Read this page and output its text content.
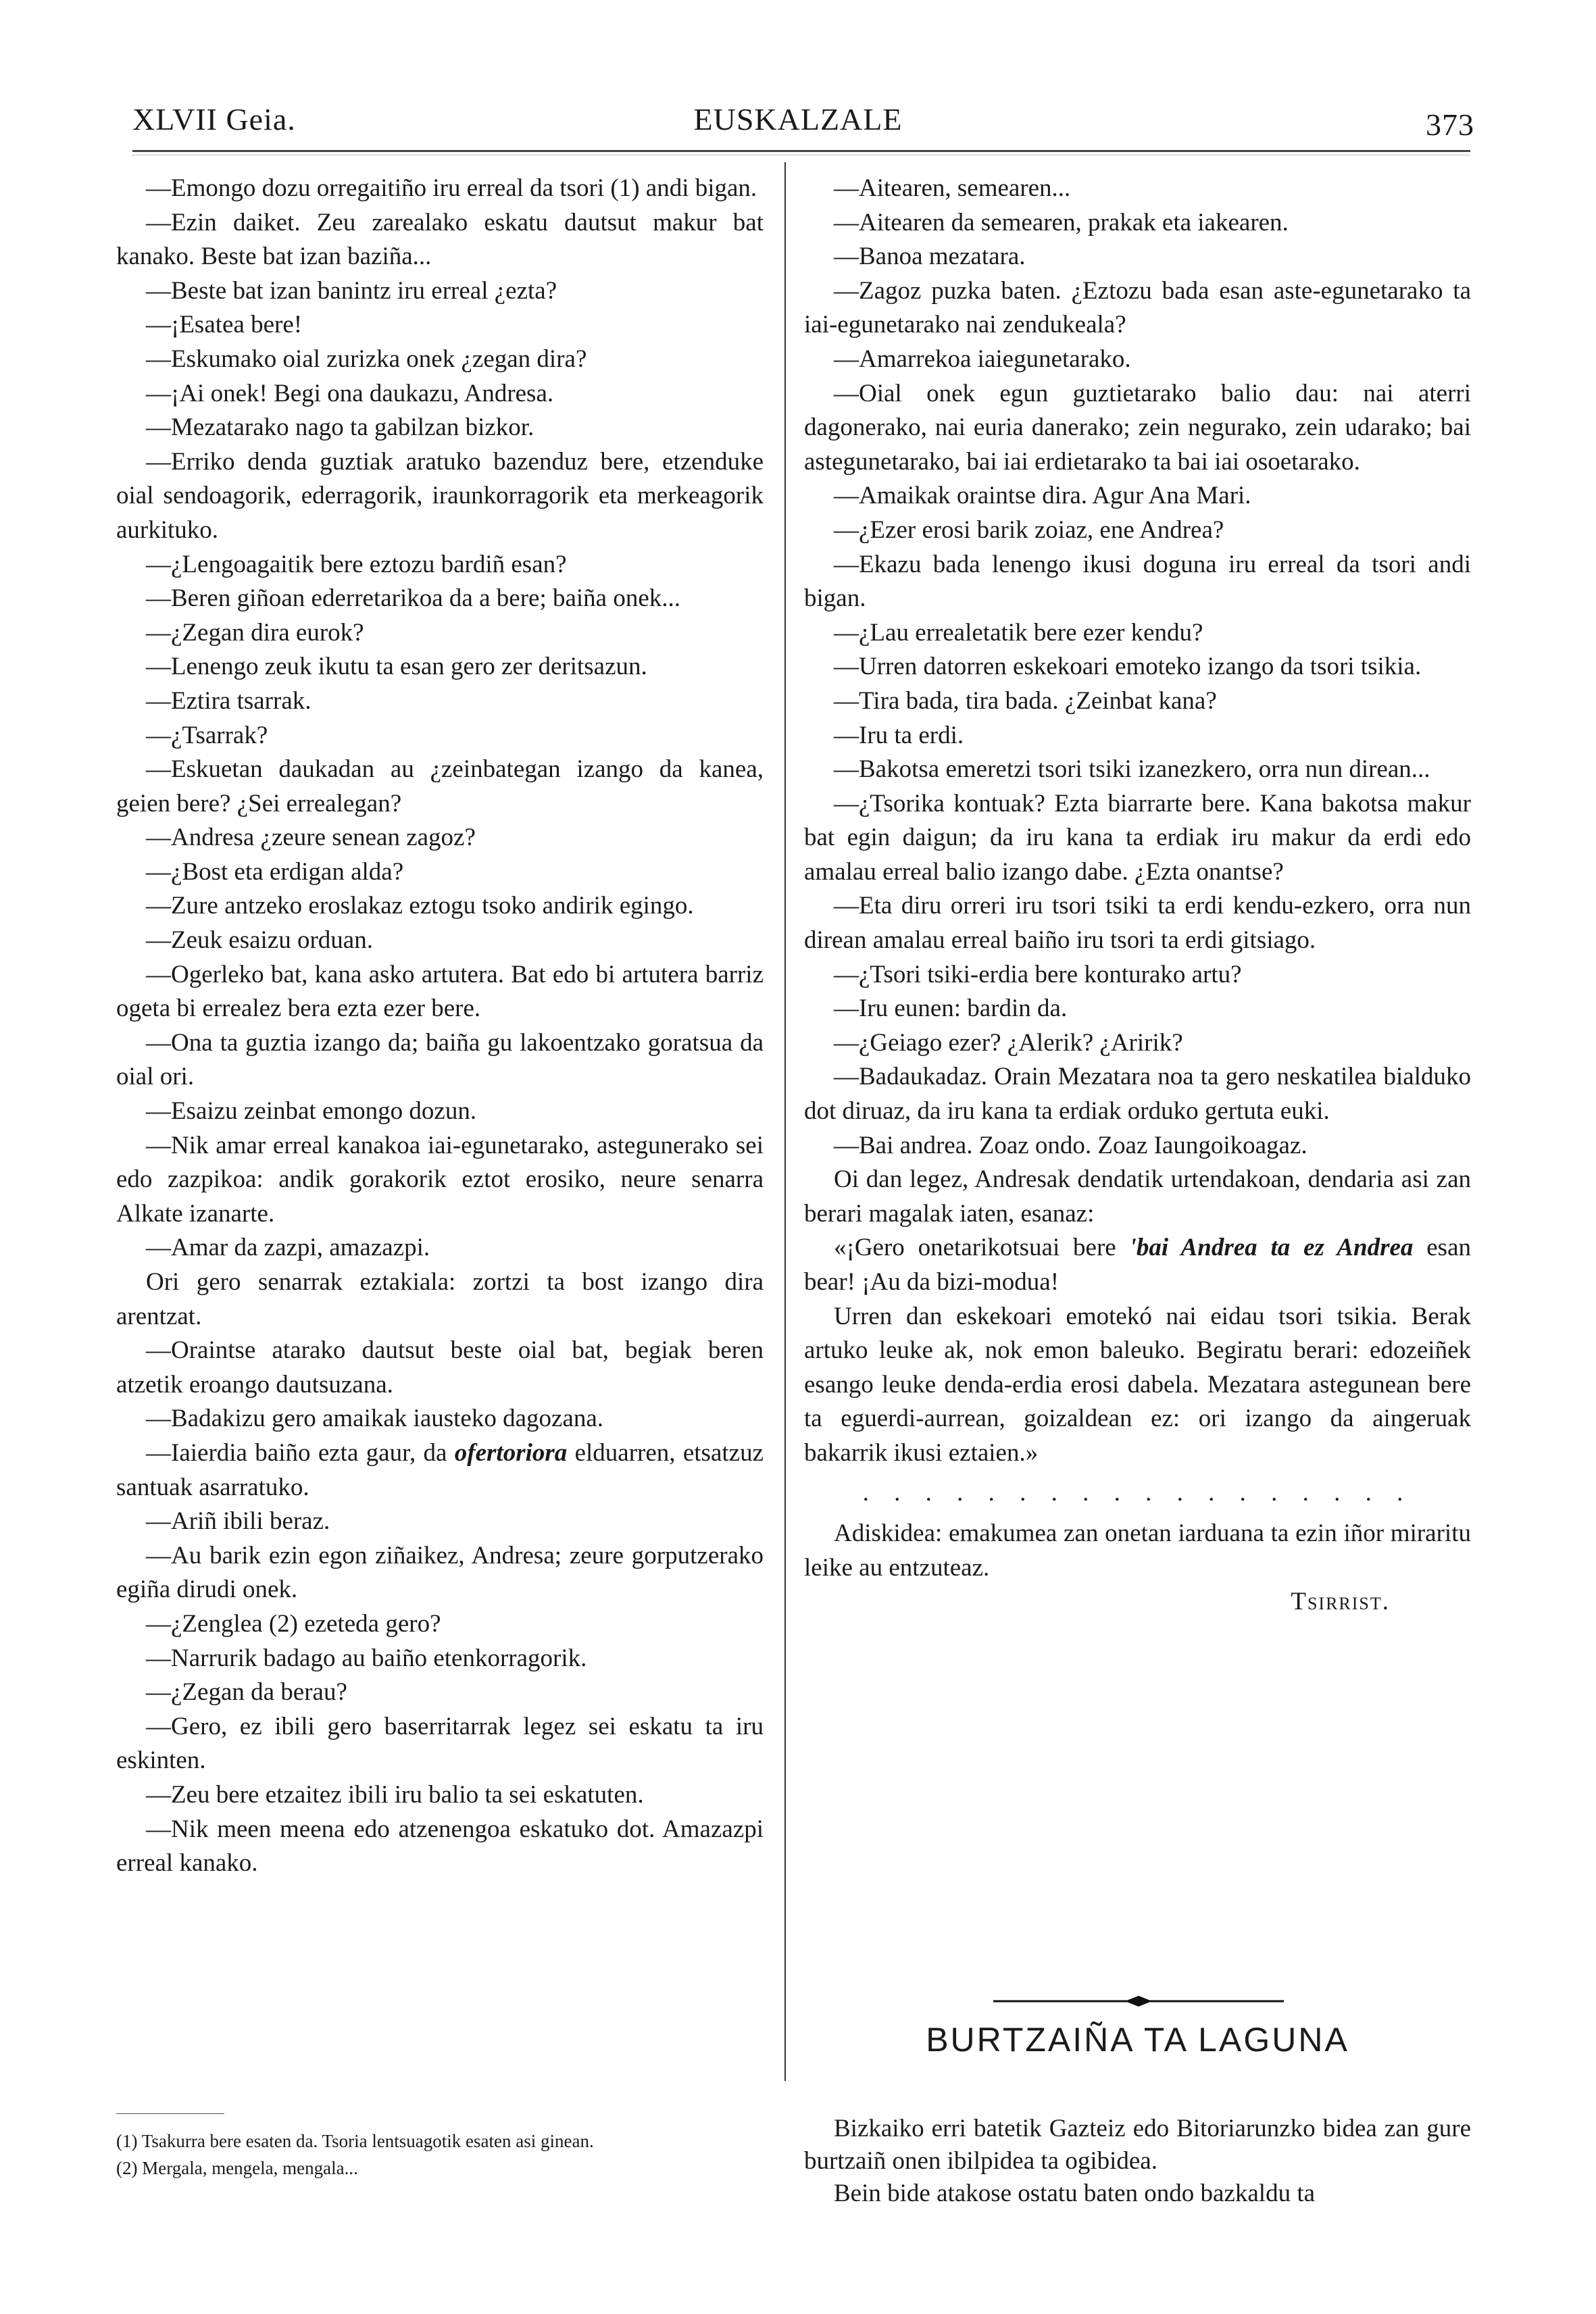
XLVII Geia.	EUSKALZALE	373

—Emongo dozu orregaitiño iru erreal da tsori (1) andi bigan.

—Ezin daiket. Zeu zarealako eskatu dautsut makur bat kanako. Beste bat izan baziña...

—Beste bat izan banintz iru erreal ¿ezta?

—¡Esatea bere!

—Eskumako oial zurizka onek ¿zegan dira?

—¡Ai onek! Begi ona daukazu, Andresa.

—Mezatarako nago ta gabilzan bizkor.

—Erriko denda guztiak aratuko bazenduz bere, etzenduke oial sendoagorik, ederragorik, iraunkorragorik eta merkeagorik aurkituko.

—¿Lengoagaitik bere eztozu bardiñ esan?

—Beren giñoan ederretarikoa da a bere; baiña onek...

—¿Zegan dira eurok?

—Lenengo zeuk ikutu ta esan gero zer deritsazun.

—Eztira tsarrak.

—¿Tsarrak?

—Eskuetan daukadan au ¿zeinbategan izango da kanea, geien bere? ¿Sei errealegan?

—Andresa ¿zeure senean zagoz?

—¿Bost eta erdigan alda?

—Zure antzeko eroslakaz eztogu tsoko andirik egingo.

—Zeuk esaizu orduan.

—Ogerleko bat, kana asko artutera. Bat edo bi artutera barriz ogeta bi errealez bera ezta ezer bere.

—Ona ta guztia izango da; baiña gu lakoentzako goratsua da oial ori.

—Esaizu zeinbat emongo dozun.

—Nik amar erreal kanakoa iai-egunetarako, astegunerako sei edo zazpikoa: andik gorakorik eztot erosiko, neure senarra Alkate izanarte.

—Amar da zazpi, amazazpi.

Ori gero senarrak eztakiala: zortzi ta bost izango dira arentzat.

—Oraintse atarako dautsut beste oial bat, begiak beren atzetik eroango dautsuzana.

—Badakizu gero amaikak iausteko dagozana.

—Iaierdia baiño ezta gaur, da ofertoriora elduarren, etsatzuz santuak asarratuko.

—Ariñ ibili beraz.

—Au barik ezin egon ziñaikez, Andresa; zeure gorputzerako egiña dirudi onek.

—¿Zenglea (2) ezeteda gero?

—Narrurik badago au baiño etenkorragorik.

—¿Zegan da berau?

—Gero, ez ibili gero baserritarrak legez sei eskatu ta iru eskinten.

—Zeu bere etzaitez ibili iru balio ta sei eskatuten.

—Nik meen meena edo atzenengoa eskatuko dot. Amazazpi erreal kanako.

(1) Tsakurra bere esaten da. Tsoria lentsuagotik esaten asi ginean.

(2) Mergala, mengela, mengala...

—Aitearen, semearen...

—Aitearen da semearen, prakak eta iakearen.

—Banoa mezatara.

—Zagoz puzka baten. ¿Eztozu bada esan aste-egunetarako ta iai-egunetarako nai zendukeala?

—Amarrekoa iaiegunetarako.

—Oial onek egun guztietarako balio dau: nai aterri dagonerako, nai euria danerako; zein negurako, zein udarako; bai astegunetarako, bai iai erdietarako ta bai iai osoetarako.

—Amaikak oraintse dira. Agur Ana Mari.

—¿Ezer erosi barik zoiaz, ene Andrea?

—Ekazu bada lenengo ikusi doguna iru erreal da tsori andi bigan.

—¿Lau errealetatik bere ezer kendu?

—Urren datorren eskekoari emoteko izango da tsori tsikia.

—Tira bada, tira bada. ¿Zeinbat kana?

—Iru ta erdi.

—Bakotsa emeretzi tsori tsiki izanezkero, orra nun direan...

—¿Tsorika kontuak? Ezta biarrarte bere. Kana bakotsa makur bat egin daigun; da iru kana ta erdiak iru makur da erdi edo amalau erreal balio izango dabe. ¿Ezta onantse?

—Eta diru orreri iru tsori tsiki ta erdi kendu-ezkero, orra nun direan amalau erreal baiño iru tsori ta erdi gitsiago.

—¿Tsori tsiki-erdia bere konturako artu?

—Iru eunen: bardin da.

—¿Geiago ezer? ¿Alerik? ¿Aririk?

—Badaukadaz. Orain Mezatara noa ta gero neskatilea bialduko dot diruaz, da iru kana ta erdiak orduko gertuta euki.

—Bai andrea. Zoaz ondo. Zoaz Iaungoikoagaz.

Oi dan legez, Andresak dendatik urtendakoan, dendaria asi zan berari magalak iaten, esanaz:

«¡Gero onetarikotsuai bere 'bai Andrea ta ez Andrea esan bear! ¡Au da bizi-modua!

Urren dan eskekoari emotekó nai eidau tsori tsikia. Berak artuko leuke ak, nok emon baleuko. Begiratu berari: edozeiñek esango leuke denda-erdia erosi dabela. Mezatara astegunean bere ta eguerdi-aurrean, goizaldean ez: ori izango da aingeruak bakarrik ikusi eztaien.»

. . . . . . . . . . . . . . . . . .

Adiskidea: emakumea zan onetan iarduana ta ezin iñor miraritu leike au entzuteaz.

Tsirrist.
BURTZAIÑA TA LAGUNA

Bizkaiko erri batetik Gazteiz edo Bitoriarunzko bidea zan gure burtzaiñ onen ibilpidea ta ogibidea.

Bein bide atakose ostatu baten ondo bazkaldu ta
